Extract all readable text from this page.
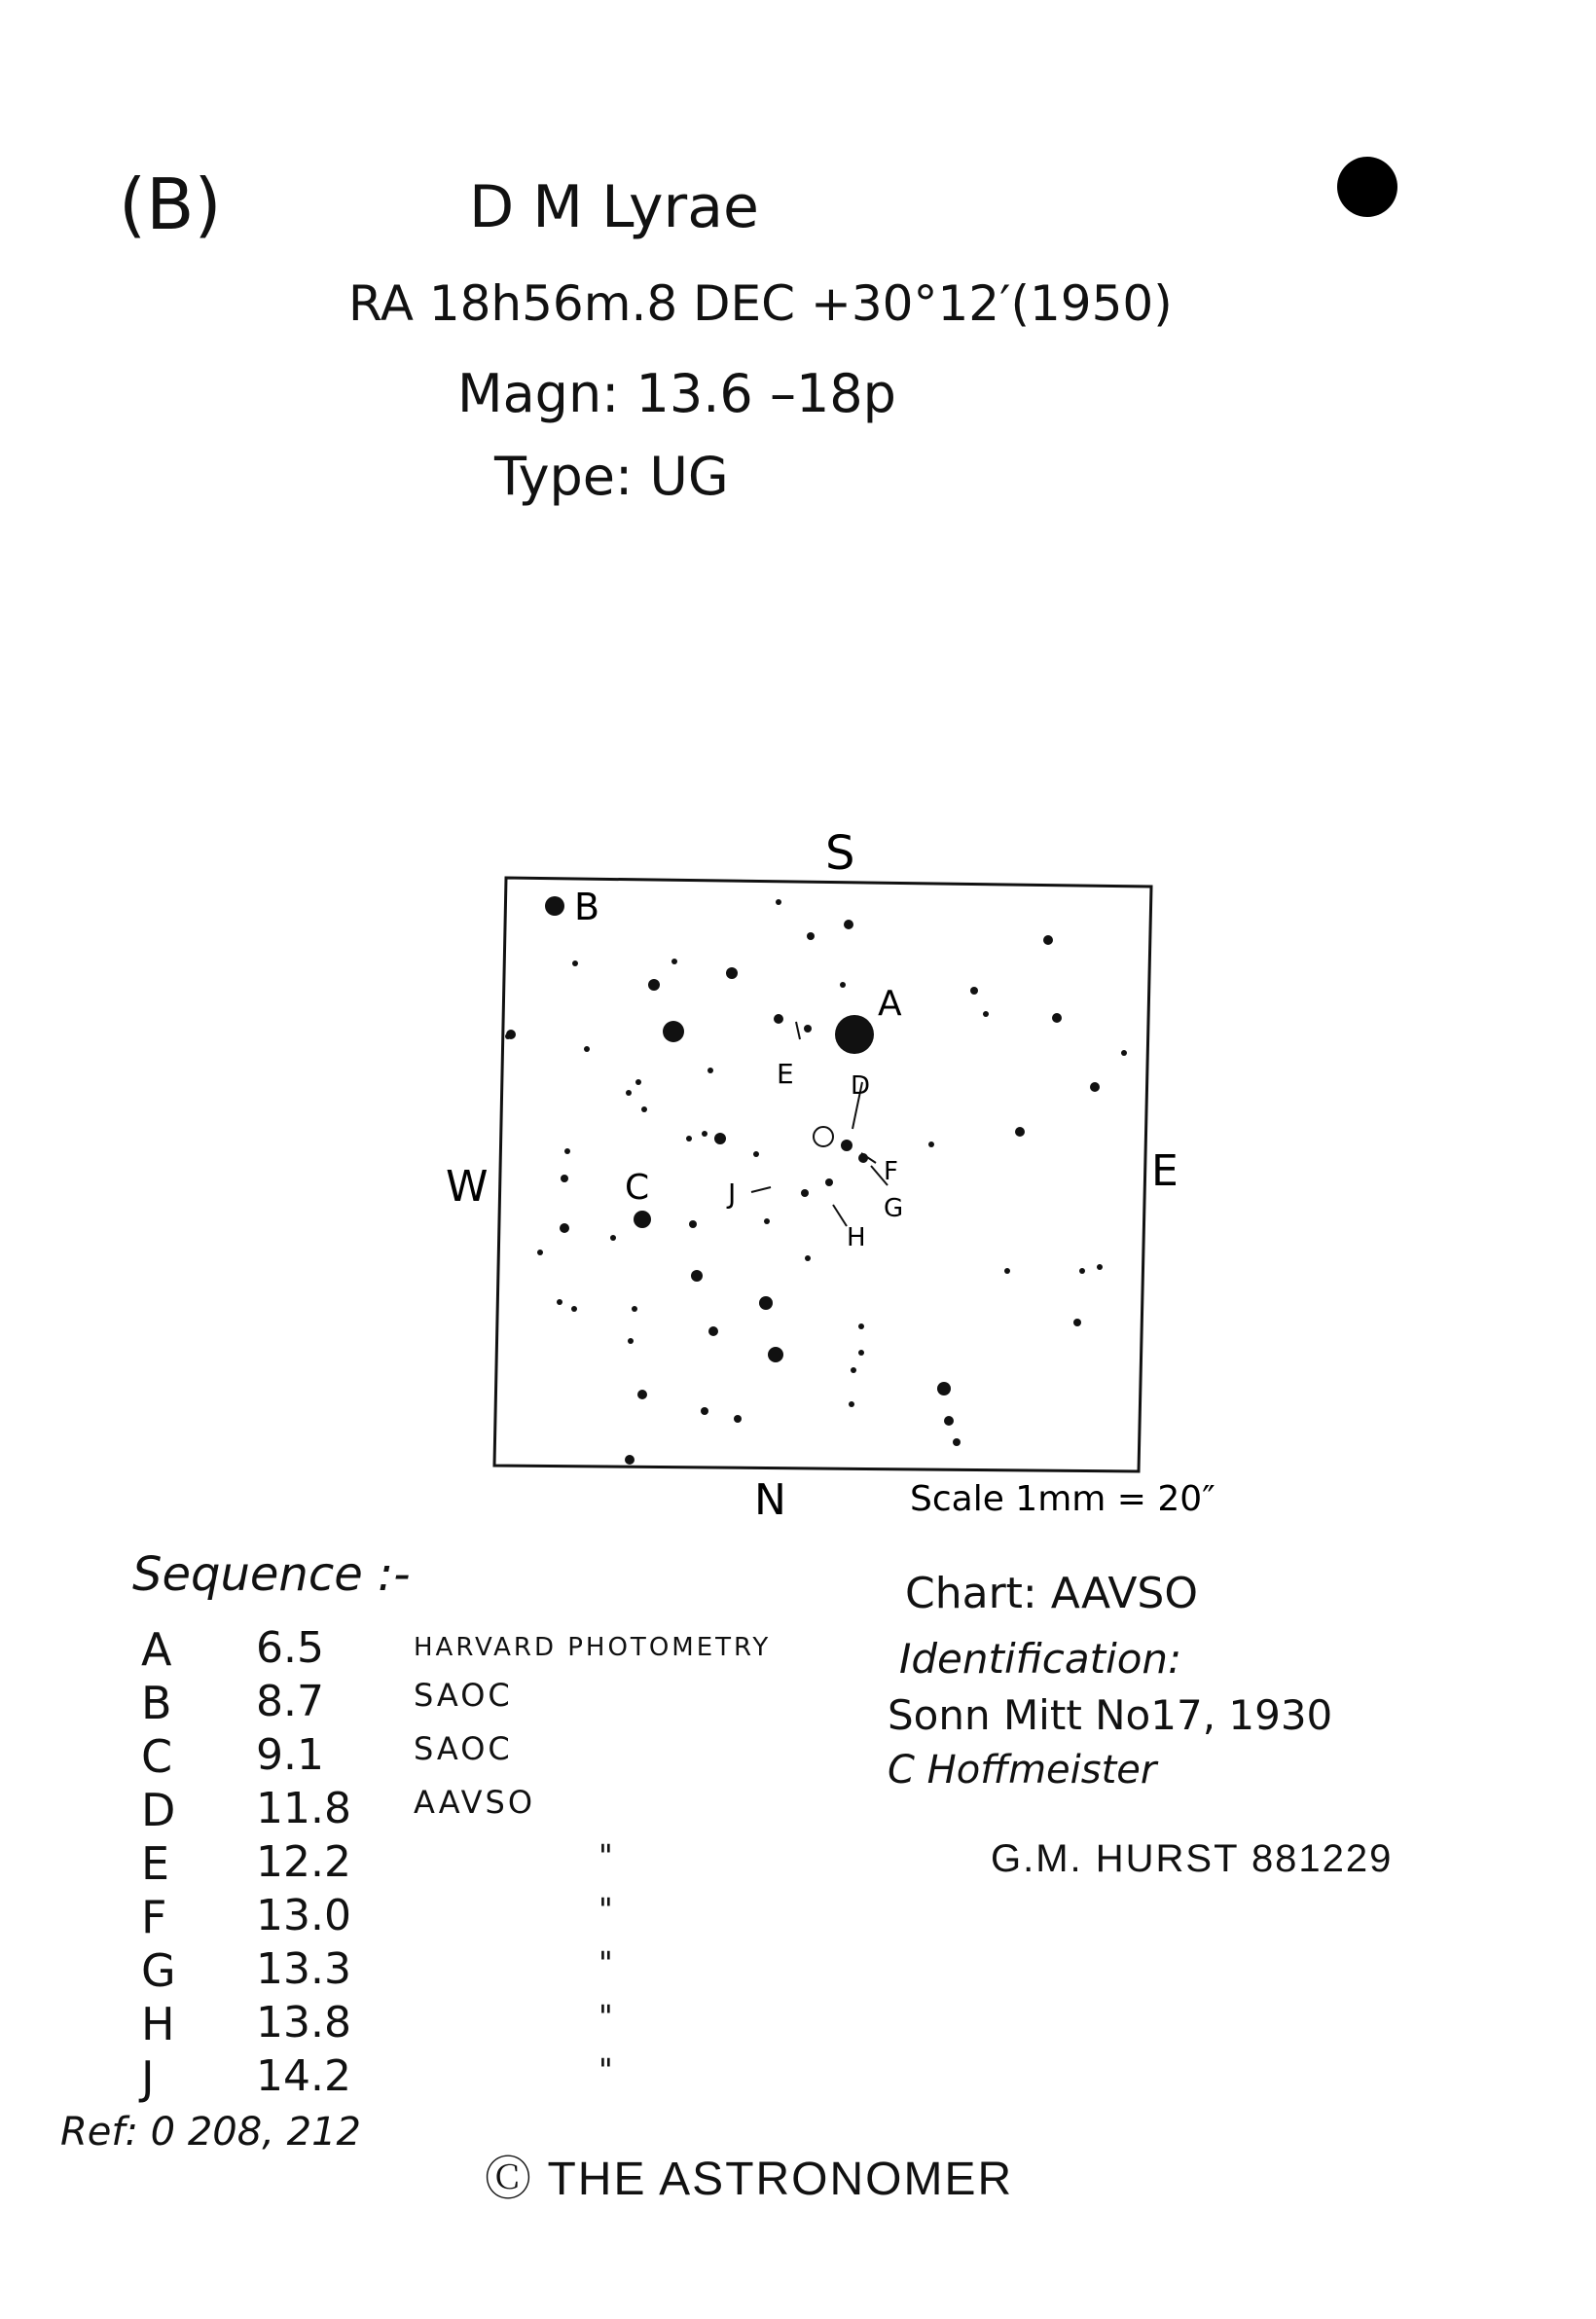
(B)	D M Lyrae
RA 18h56m.8 DEC +30°12′(1950)
Magn: 13.6 –18p
Type: UG
S
N
W	E
Scale 1mm = 20″
B
A
E D
F
G
H
J
C
Sequence :-
A 6.5	HARVARD PHOTOMETRY
B 8.7	SAOC
C 9.1	SAOC
D 11.8 AAVSO
E 12.2	"
F 13.0	"
G 13.3	"
H 13.8	"
J 14.2	"
Chart: AAVSO
Identification:
Sonn Mitt No17, 1930
C Hoffmeister
G.M. HURST 881229
Ref: 0 208, 212
Ⓒ THE ASTRONOMER
